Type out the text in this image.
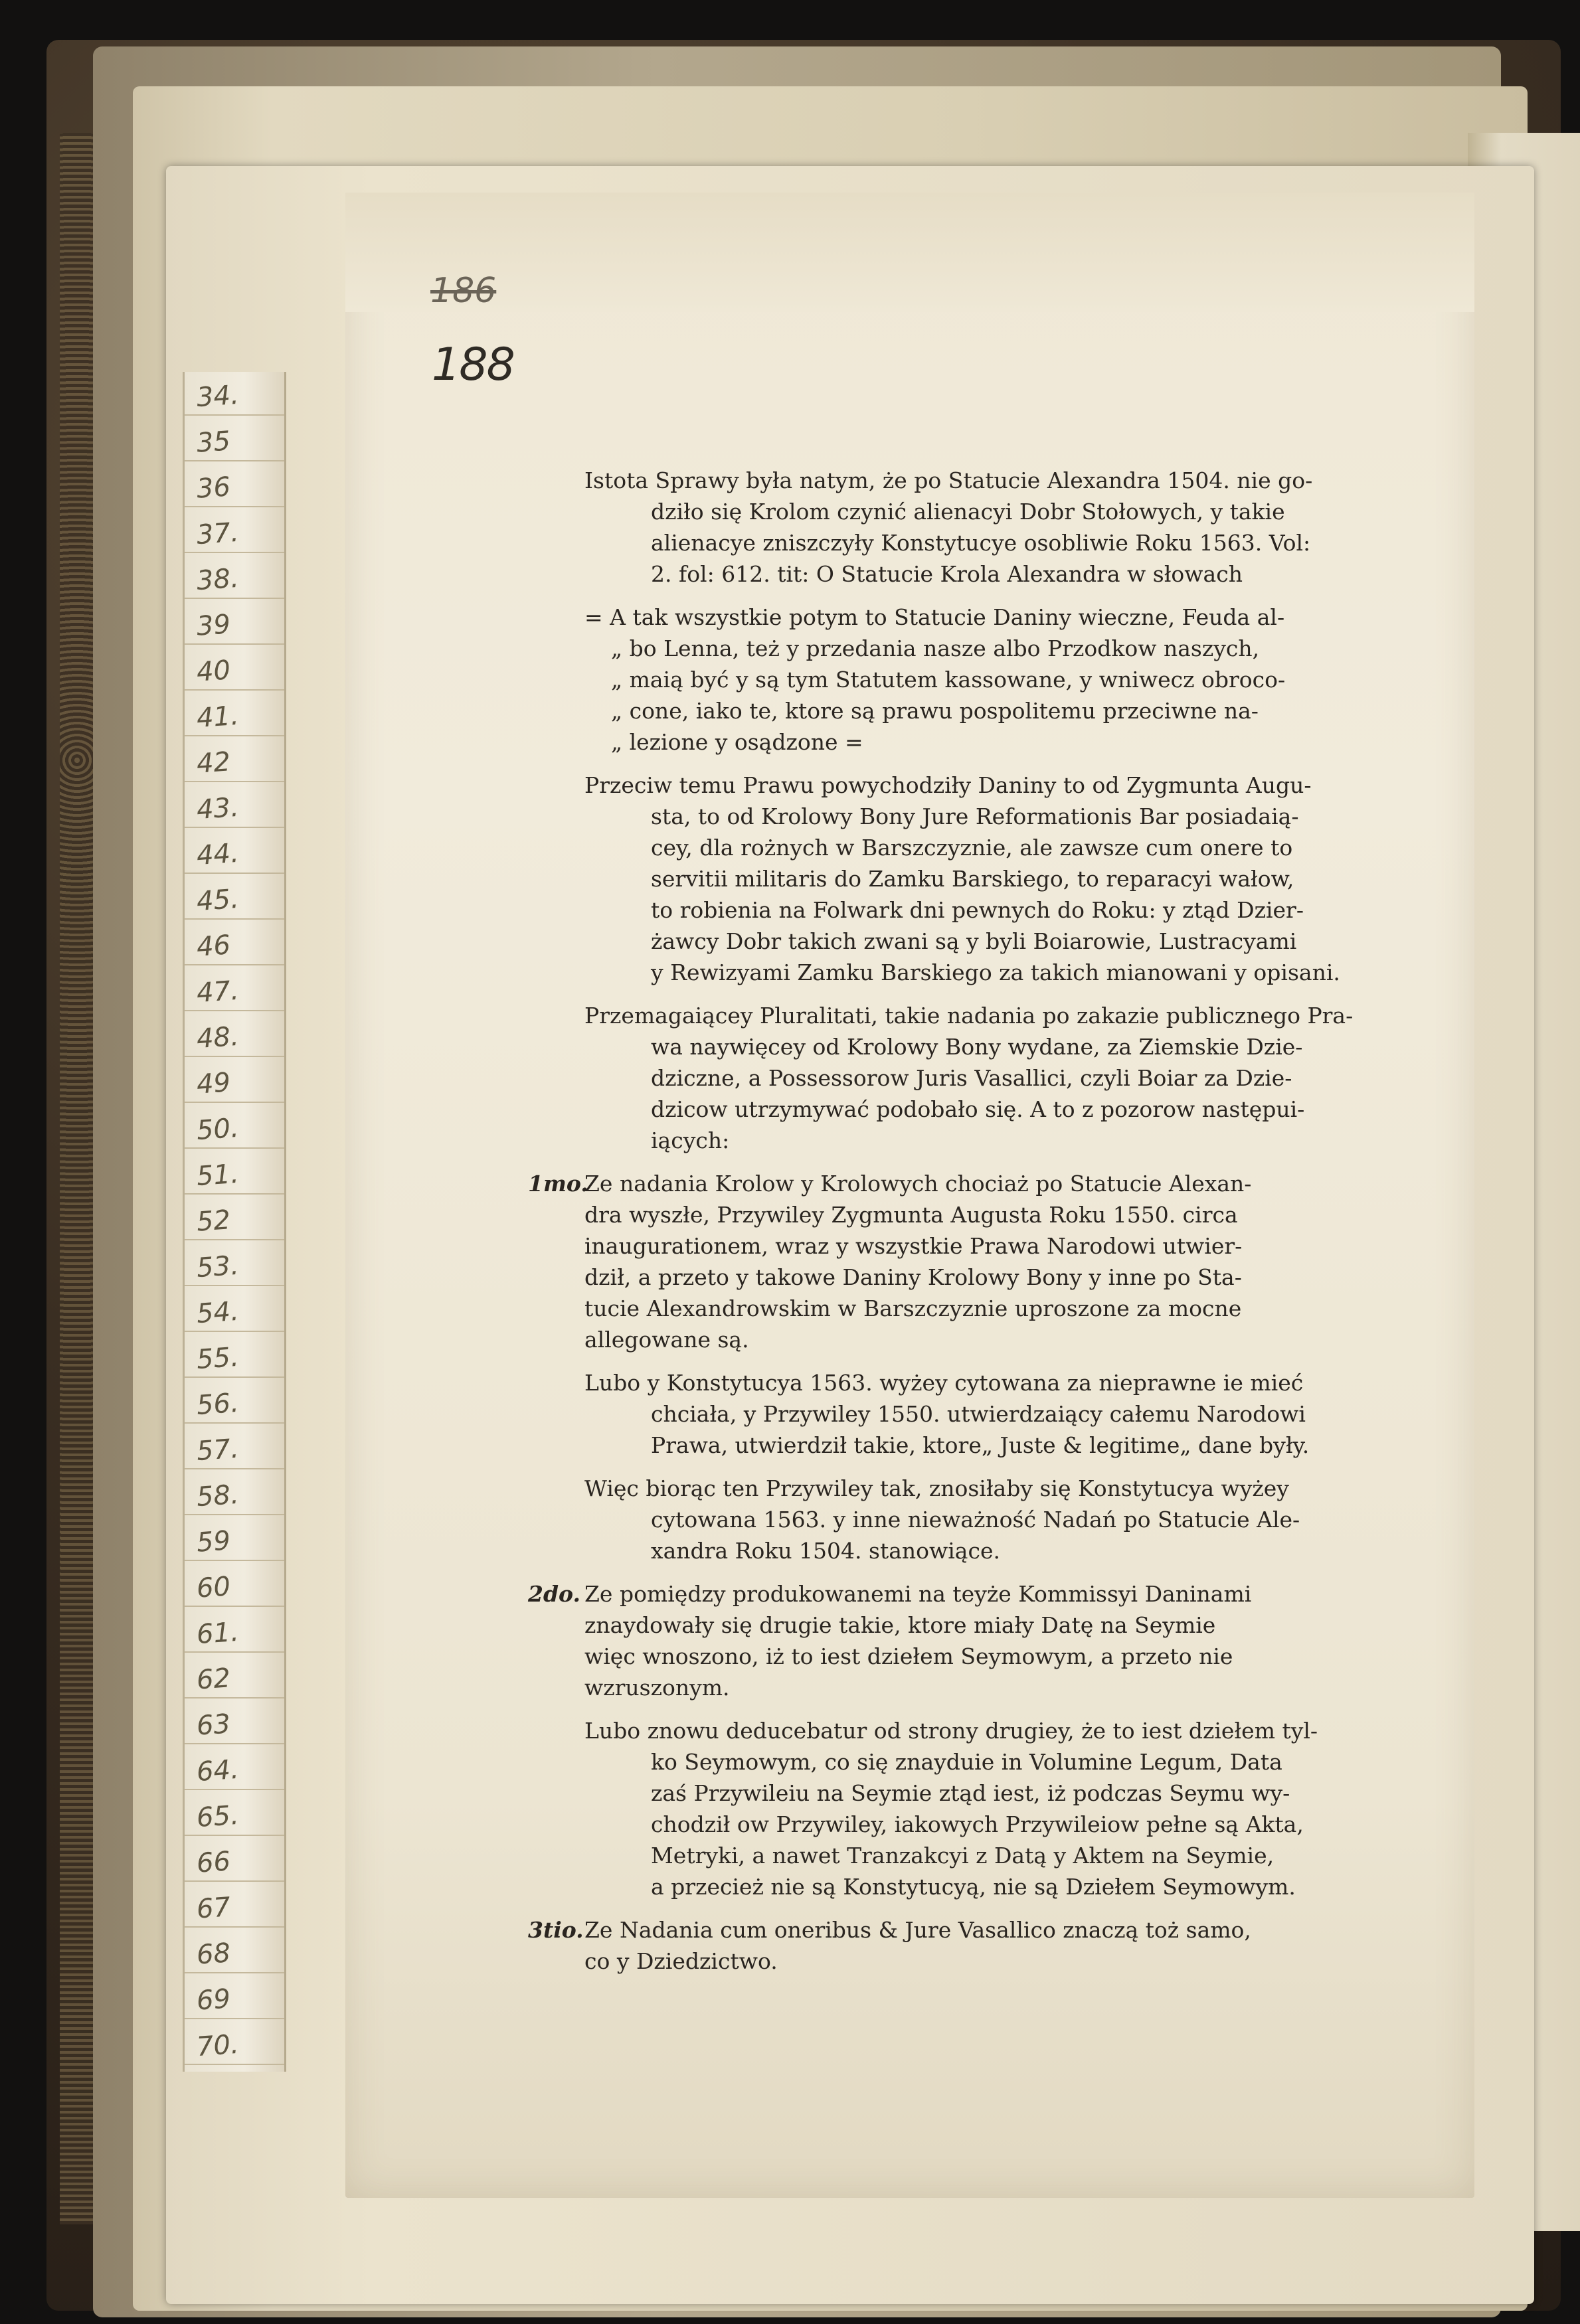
34.
35
36
37.
38.
39
40
41.
42
43.
44.
45.
46
47.
48.
49
50.
51.
52
53.
54.
55.
56.
57.
58.
59
60
61.
62
63
64.
65.
66
67
68
69
70.
186
188
Istota Sprawy była natym, że po Statucie Alexandra 1504. nie go-
dziło się Krolom czynić alienacyi Dobr Stołowych, y takie
alienacye zniszczyły Konstytucye osobliwie Roku 1563. Vol:
2. fol: 612. tit: O Statucie Krola Alexandra w słowach
= A tak wszystkie potym to Statucie Daniny wieczne, Feuda al-
„ bo Lenna, też y przedania nasze albo Przodkow naszych,
„ maią być y są tym Statutem kassowane, y wniwecz obroco-
„ cone, iako te, ktore są prawu pospolitemu przeciwne na-
„ lezione y osądzone =
Przeciw temu Prawu powychodziły Daniny to od Zygmunta Augu-
sta, to od Krolowy Bony Jure Reformationis Bar posiadaią-
cey, dla rożnych w Barszczyznie, ale zawsze cum onere to
servitii militaris do Zamku Barskiego, to reparacyi wałow,
to robienia na Folwark dni pewnych do Roku: y ztąd Dzier-
żawcy Dobr takich zwani są y byli Boiarowie, Lustracyami
y Rewizyami Zamku Barskiego za takich mianowani y opisani.
Przemagaiącey Pluralitati, takie nadania po zakazie publicznego Pra-
wa naywięcey od Krolowy Bony wydane, za Ziemskie Dzie-
dziczne, a Possessorow Juris Vasallici, czyli Boiar za Dzie-
dzicow utrzymywać podobało się. A to z pozorow następui-
iących:
1mo.
Ze nadania Krolow y Krolowych chociaż po Statucie Alexan-
dra wyszłe, Przywiley Zygmunta Augusta Roku 1550. circa
inaugurationem, wraz y wszystkie Prawa Narodowi utwier-
dził, a przeto y takowe Daniny Krolowy Bony y inne po Sta-
tucie Alexandrowskim w Barszczyznie uproszone za mocne
allegowane są.
Lubo y Konstytucya 1563. wyżey cytowana za nieprawne ie mieć
chciała, y Przywiley 1550. utwierdzaiący całemu Narodowi
Prawa, utwierdził takie, ktore„ Juste & legitime„ dane były.
Więc biorąc ten Przywiley tak, znosiłaby się Konstytucya wyżey
cytowana 1563. y inne nieważność Nadań po Statucie Ale-
xandra Roku 1504. stanowiące.
2do. Ze pomiędzy produkowanemi na teyże Kommissyi Daninami
znaydowały się drugie takie, ktore miały Datę na Seymie
więc wnoszono, iż to iest dziełem Seymowym, a przeto nie
wzruszonym.
Lubo znowu deducebatur od strony drugiey, że to iest dziełem tyl-
ko Seymowym, co się znayduie in Volumine Legum, Data
zaś Przywileiu na Seymie ztąd iest, iż podczas Seymu wy-
chodził ow Przywiley, iakowych Przywileiow pełne są Akta,
Metryki, a nawet Tranzakcyi z Datą y Aktem na Seymie,
a przecież nie są Konstytucyą, nie są Dziełem Seymowym.
3tio. Ze Nadania cum oneribus & Jure Vasallico znaczą toż samo,
co y Dziedzictwo.
